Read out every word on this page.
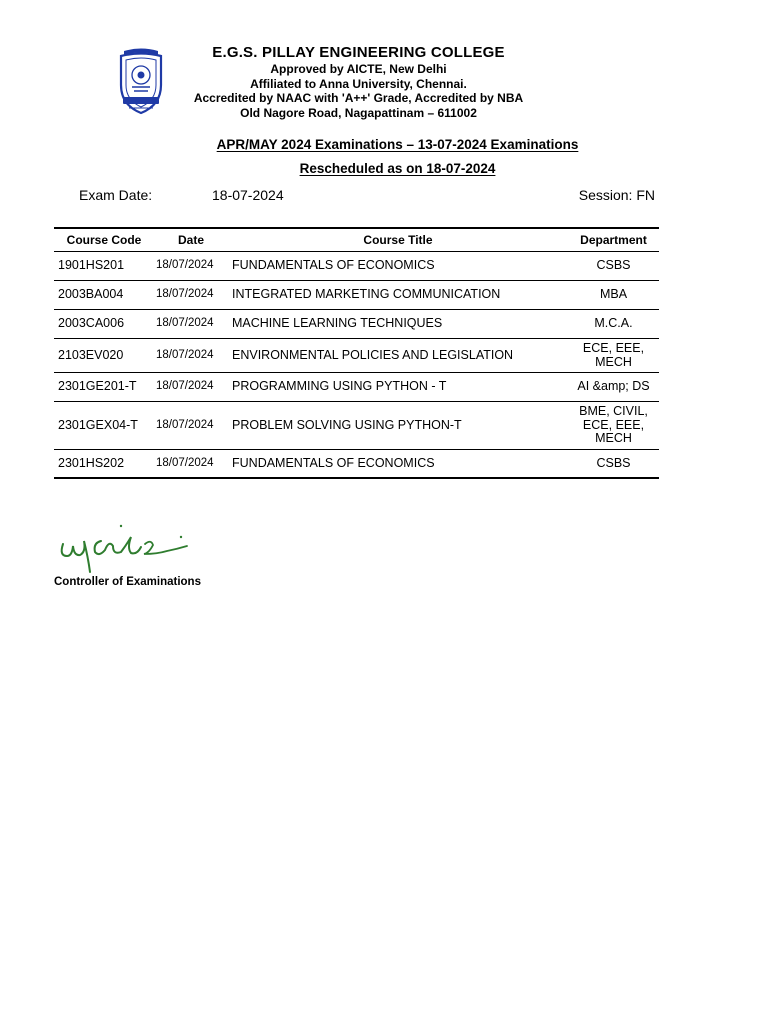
E.G.S. PILLAY ENGINEERING COLLEGE
Approved by AICTE, New Delhi
Affiliated to Anna University, Chennai.
Accredited by NAAC with 'A++' Grade, Accredited by NBA
Old Nagore Road, Nagapattinam – 611002
APR/MAY 2024 Examinations – 13-07-2024 Examinations
Rescheduled as on 18-07-2024
Exam Date:	18-07-2024	Session: FN
Course Code	Date	Course Title	Department
1901HS201	18/07/2024	FUNDAMENTALS OF ECONOMICS	CSBS
2003BA004	18/07/2024	INTEGRATED MARKETING COMMUNICATION	MBA
2003CA006	18/07/2024	MACHINE LEARNING TECHNIQUES	M.C.A.
2103EV020	18/07/2024	ENVIRONMENTAL POLICIES AND LEGISLATION	ECE, EEE, MECH
2301GE201-T	18/07/2024	PROGRAMMING USING PYTHON - T	AI &amp; DS
2301GEX04-T	18/07/2024	PROBLEM SOLVING USING PYTHON-T	BME, CIVIL, ECE, EEE, MECH
2301HS202	18/07/2024	FUNDAMENTALS OF ECONOMICS	CSBS
Controller of Examinations
